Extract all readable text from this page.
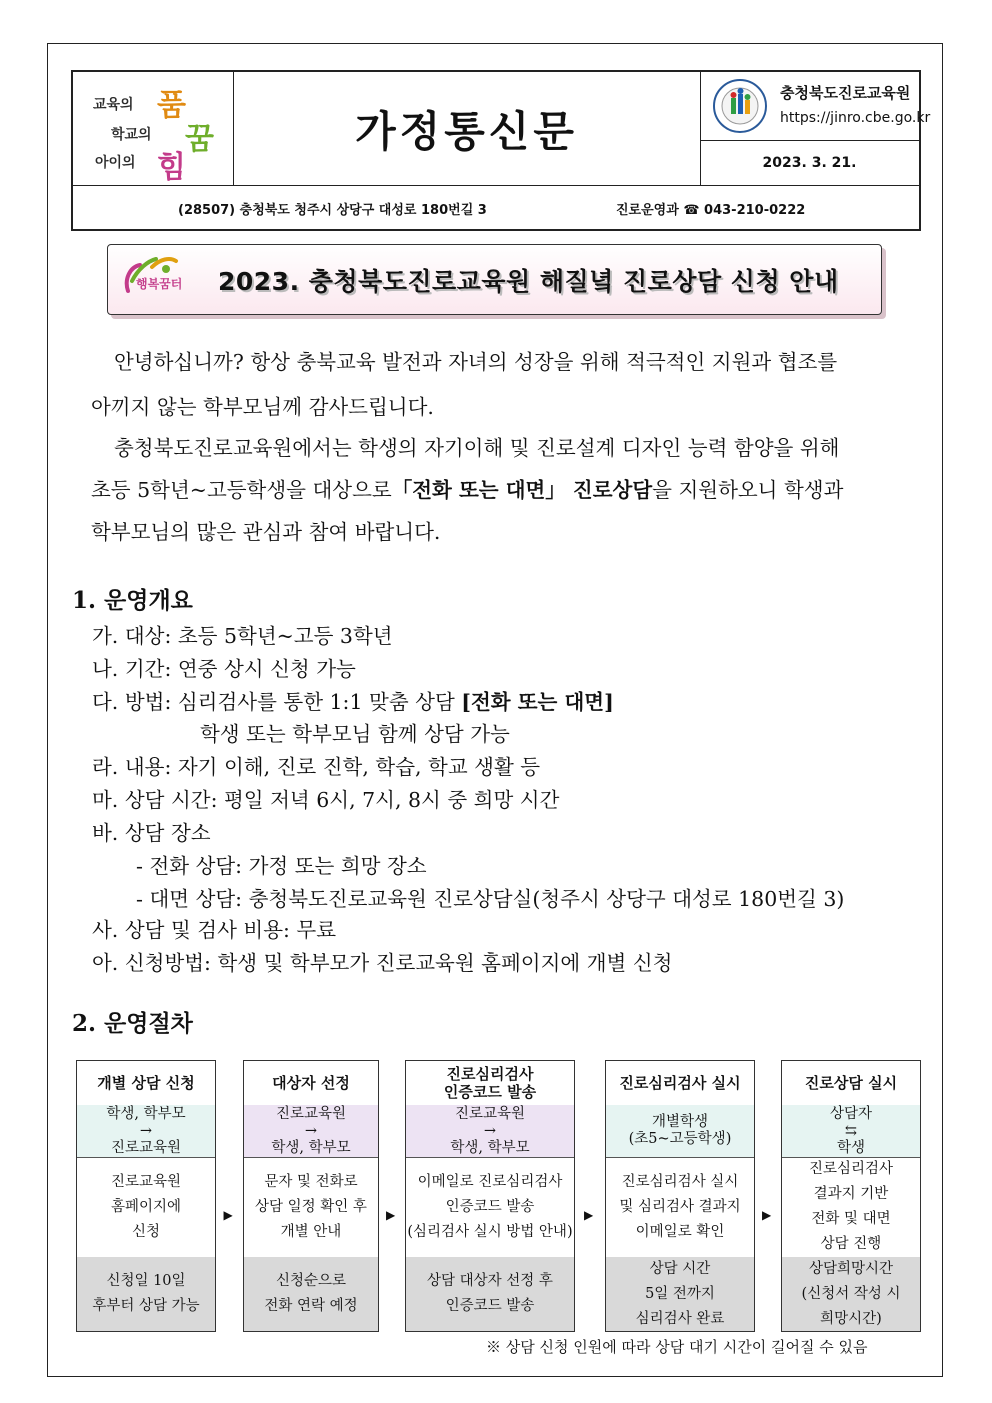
교육의 품
학교의 꿈
아이의 힘
가정통신문
충청북도진로교육원
https://jinro.cbe.go.kr
2023. 3. 21.
(28507) 충청북도 청주시 상당구 대성로 180번길 3	진로운영과 ☎ 043-210-0222
행복꿈터 2023. 충청북도진로교육원 해질녘 진로상담 신청 안내
안녕하십니까? 항상 충북교육 발전과 자녀의 성장을 위해 적극적인 지원과 협조를
아끼지 않는 학부모님께 감사드립니다.
충청북도진로교육원에서는 학생의 자기이해 및 진로설계 디자인 능력 함양을 위해
초등 5학년~고등학생을 대상으로「전화 또는 대면」 진로상담을 지원하오니 학생과
학부모님의 많은 관심과 참여 바랍니다.
1. 운영개요
가. 대상: 초등 5학년~고등 3학년
나. 기간: 연중 상시 신청 가능
다. 방법: 심리검사를 통한 1:1 맞춤 상담 [전화 또는 대면]
학생 또는 학부모님 함께 상담 가능
라. 내용: 자기 이해, 진로 진학, 학습, 학교 생활 등
마. 상담 시간: 평일 저녁 6시, 7시, 8시 중 희망 시간
바. 상담 장소
- 전화 상담: 가정 또는 희망 장소
- 대면 상담: 충청북도진로교육원 진로상담실(청주시 상당구 대성로 180번길 3)
사. 상담 및 검사 비용: 무료
아. 신청방법: 학생 및 학부모가 진로교육원 홈페이지에 개별 신청
2. 운영절차
개별 상담 신청
학생, 학부모
→
진로교육원
진로교육원
홈페이지에
신청
신청일 10일
후부터 상담 가능
▶
대상자 선정
진로교육원
→
학생, 학부모
문자 및 전화로
상담 일정 확인 후
개별 안내
신청순으로
전화 연락 예정
▶
진로심리검사
인증코드 발송
진로교육원
→
학생, 학부모
이메일로 진로심리검사
인증코드 발송
(심리검사 실시 방법 안내)
상담 대상자 선정 후
인증코드 발송
▶
진로심리검사 실시
개별학생
(초5~고등학생)
진로심리검사 실시
및 심리검사 결과지
이메일로 확인
상담 시간
5일 전까지
심리검사 완료
▶
진로상담 실시
상담자
⇆
학생
진로심리검사
결과지 기반
전화 및 대면
상담 진행
상담희망시간
(신청서 작성 시
희망시간)
※ 상담 신청 인원에 따라 상담 대기 시간이 길어질 수 있음
